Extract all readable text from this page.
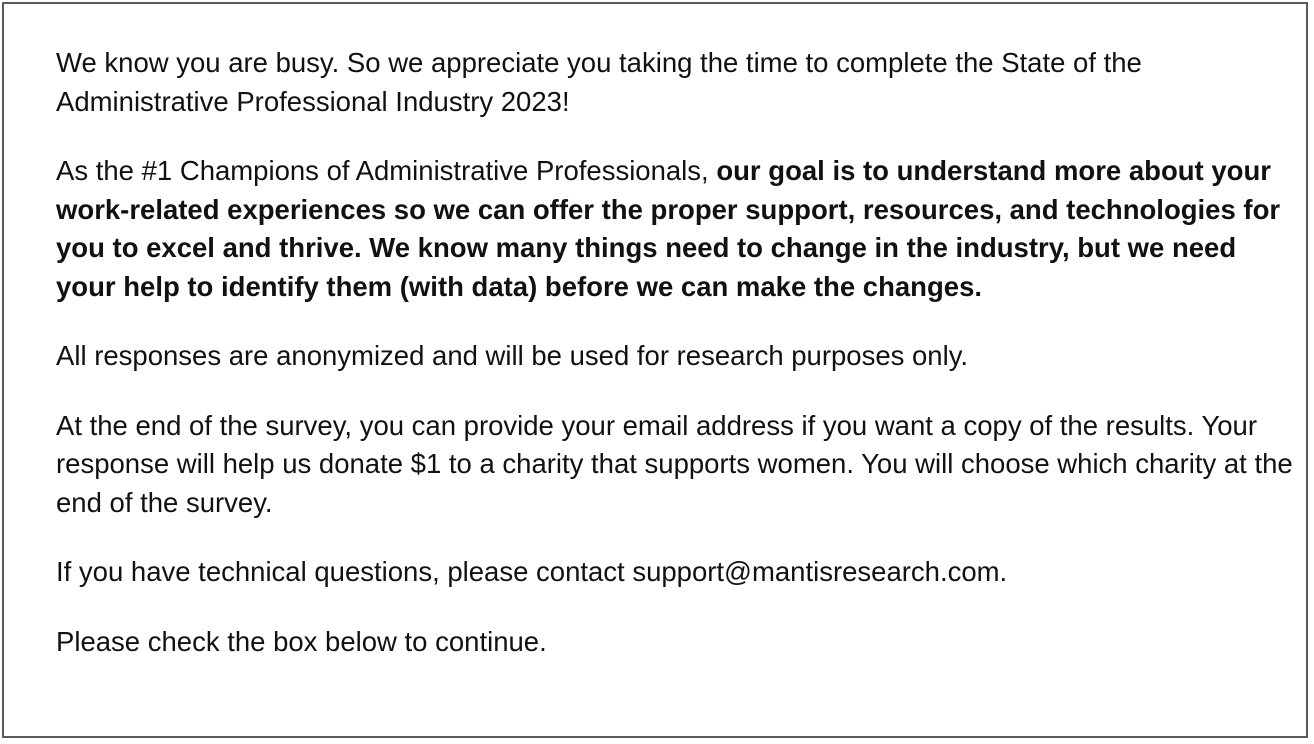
We know you are busy. So we appreciate you taking the time to complete the State of the Administrative Professional Industry 2023!

As the #1 Champions of Administrative Professionals, our goal is to understand more about your work-related experiences so we can offer the proper support, resources, and technologies for you to excel and thrive. We know many things need to change in the industry, but we need your help to identify them (with data) before we can make the changes.

All responses are anonymized and will be used for research purposes only.

At the end of the survey, you can provide your email address if you want a copy of the results. Your response will help us donate $1 to a charity that supports women. You will choose which charity at the end of the survey.

If you have technical questions, please contact support@mantisresearch.com.

Please check the box below to continue.
